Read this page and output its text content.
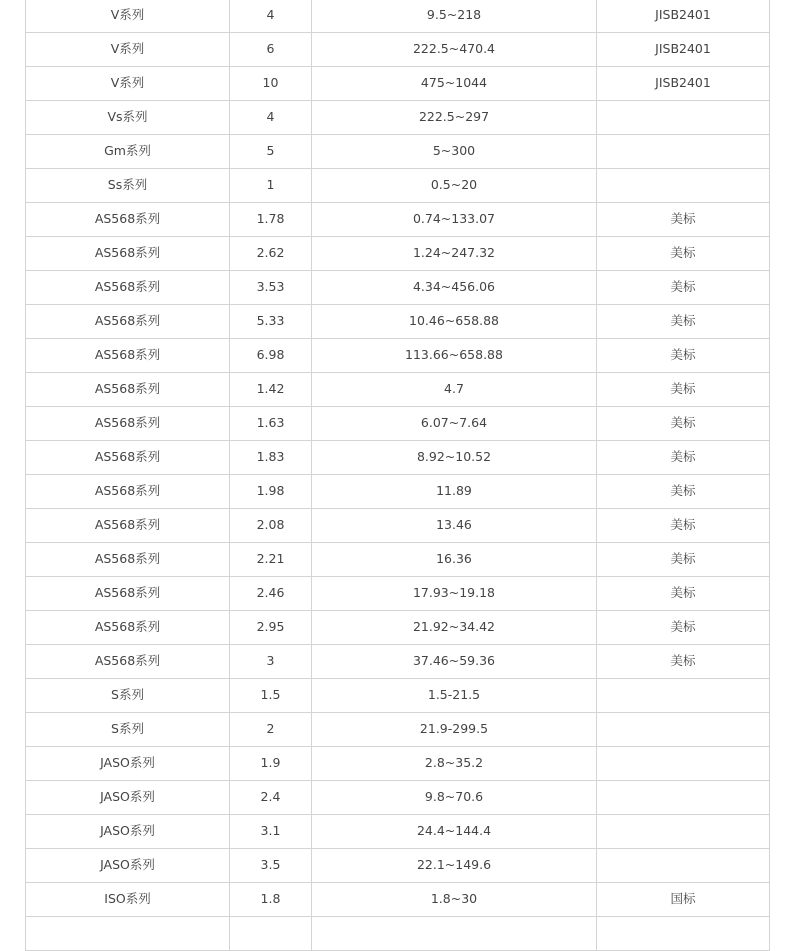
V系列	4	9.5~218	JISB2401
V系列	6	222.5~470.4	JISB2401
V系列	10	475~1044	JISB2401
Vs系列	4	222.5~297	
Gm系列	5	5~300	
Ss系列	1	0.5~20	
AS568系列	1.78	0.74~133.07	美标
AS568系列	2.62	1.24~247.32	美标
AS568系列	3.53	4.34~456.06	美标
AS568系列	5.33	10.46~658.88	美标
AS568系列	6.98	113.66~658.88	美标
AS568系列	1.42	4.7	美标
AS568系列	1.63	6.07~7.64	美标
AS568系列	1.83	8.92~10.52	美标
AS568系列	1.98	11.89	美标
AS568系列	2.08	13.46	美标
AS568系列	2.21	16.36	美标
AS568系列	2.46	17.93~19.18	美标
AS568系列	2.95	21.92~34.42	美标
AS568系列	3	37.46~59.36	美标
S系列	1.5	1.5-21.5	
S系列	2	21.9-299.5	
JASO系列	1.9	2.8~35.2	
JASO系列	2.4	9.8~70.6	
JASO系列	3.1	24.4~144.4	
JASO系列	3.5	22.1~149.6	
ISO系列	1.8	1.8~30	国标
